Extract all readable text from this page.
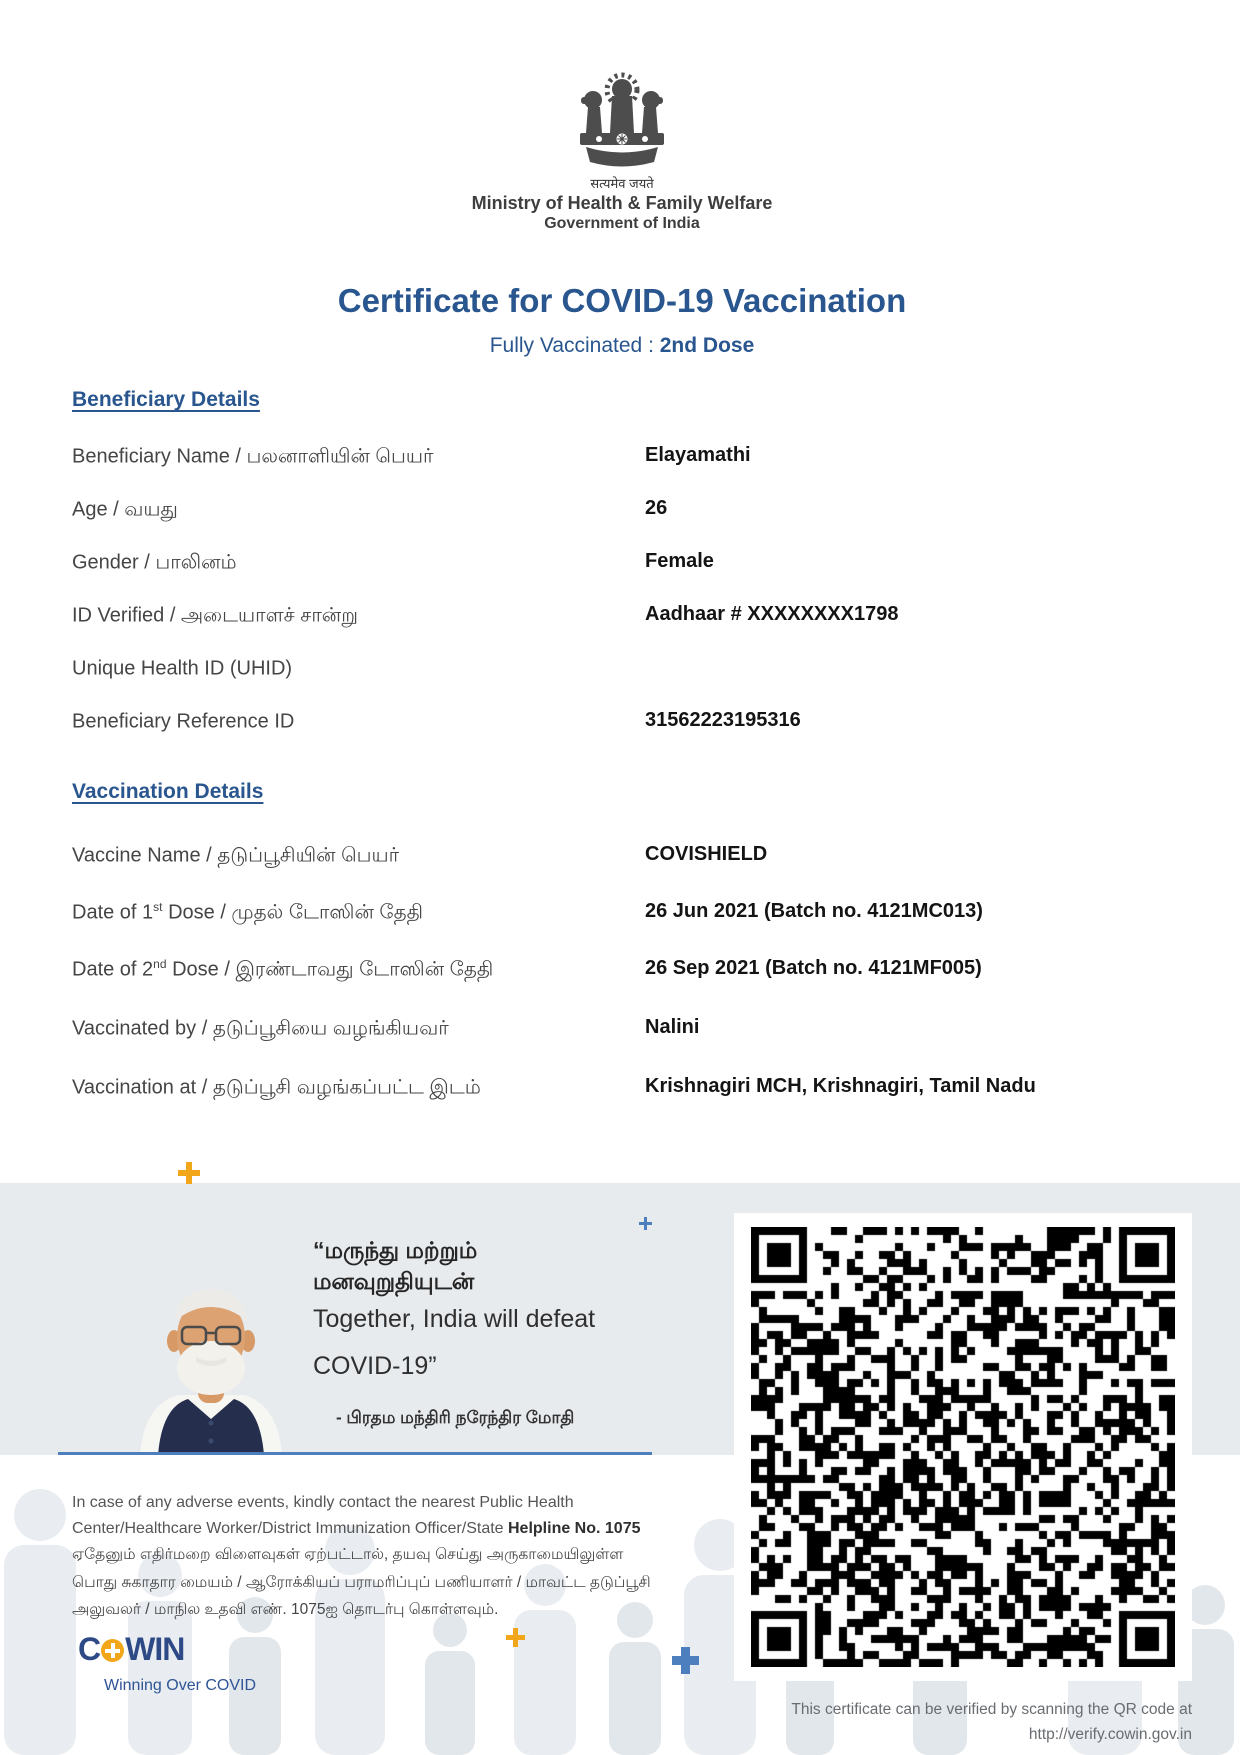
सत्यमेव जयते
Ministry of Health & Family Welfare
Government of India
Certificate for COVID-19 Vaccination
Fully Vaccinated : 2nd Dose
Beneficiary Details
Beneficiary Name / பலனாளியின் பெயர்	Elayamathi
Age / வயது	26
Gender / பாலினம்	Female
ID Verified / அடையாளச் சான்று	Aadhaar # XXXXXXXX1798
Unique Health ID (UHID)
Beneficiary Reference ID	31562223195316
Vaccination Details
Vaccine Name / தடுப்பூசியின் பெயர்	COVISHIELD
Date of 1st Dose / முதல் டோஸின் தேதி	26 Jun 2021 (Batch no. 4121MC013)
Date of 2nd Dose / இரண்டாவது டோஸின் தேதி	26 Sep 2021 (Batch no. 4121MF005)
Vaccinated by / தடுப்பூசியை வழங்கியவர்	Nalini
Vaccination at / தடுப்பூசி வழங்கப்பட்ட இடம்	Krishnagiri MCH, Krishnagiri, Tamil Nadu
“மருந்து மற்றும்
மனவுறுதியுடன்
Together, India will defeat
COVID-19”
- பிரதம மந்திரி நரேந்திர மோதி
In case of any adverse events, kindly contact the nearest Public Health Center/Healthcare Worker/District Immunization Officer/State Helpline No. 1075
ஏதேனும் எதிர்மறை விளைவுகள் ஏற்பட்டால், தயவு செய்து அருகாமையிலுள்ள பொது சுகாதார மையம் / ஆரோக்கியப் பராமரிப்புப் பணியாளர் / மாவட்ட தடுப்பூசி அலுவலர் / மாநில உதவி எண். 1075ஐ தொடர்பு கொள்ளவும்.
C WIN
Winning Over COVID
This certificate can be verified by scanning the QR code at
http://verify.cowin.gov.in
